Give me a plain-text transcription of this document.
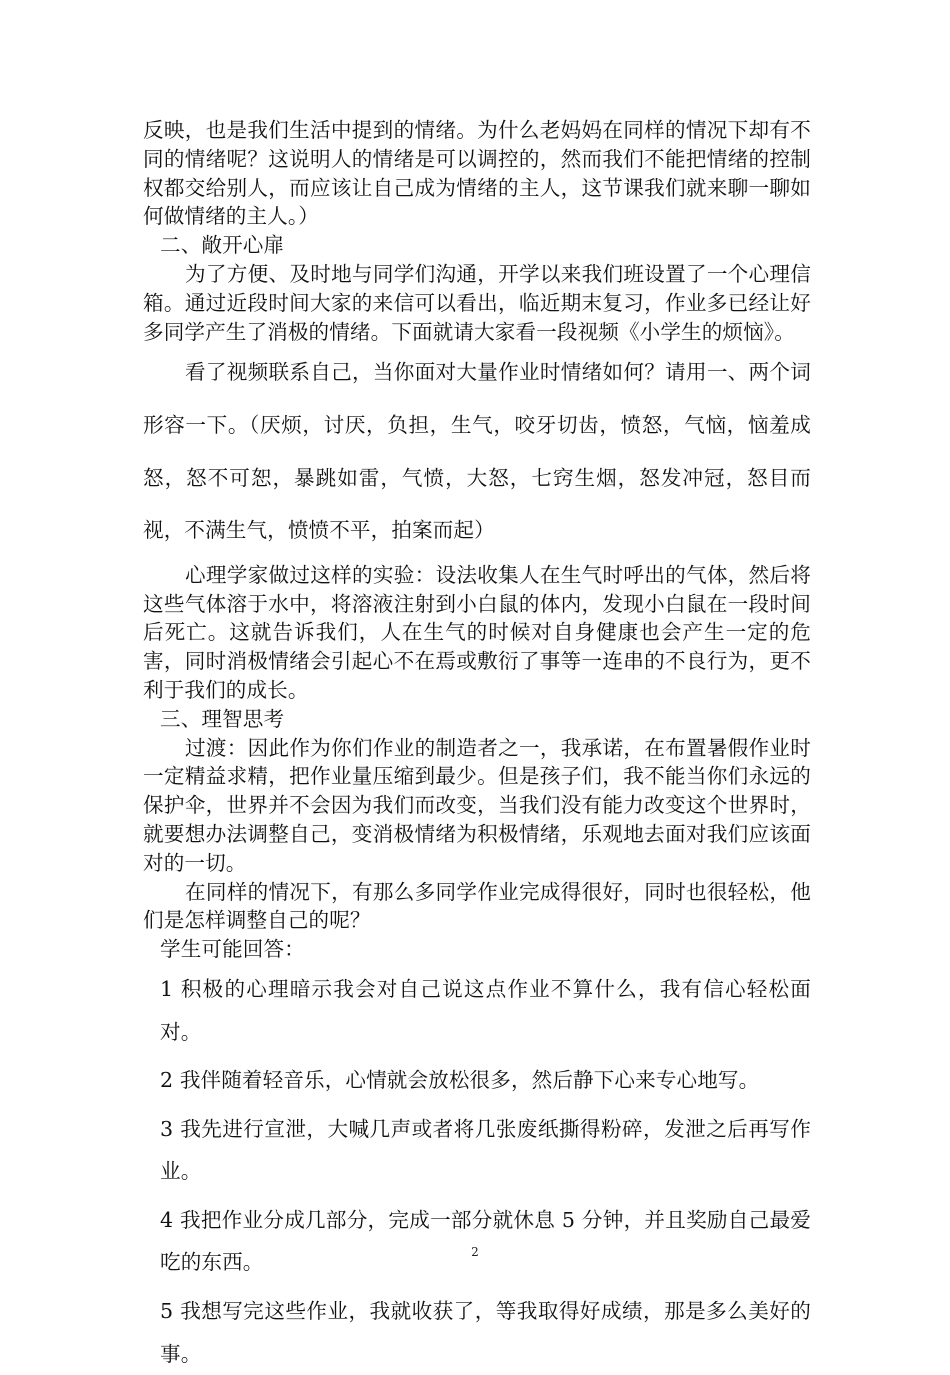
反映，也是我们生活中提到的情绪。为什么老妈妈在同样的情况下却有不同的情绪呢？这说明人的情绪是可以调控的，然而我们不能把情绪的控制权都交给别人，而应该让自己成为情绪的主人，这节课我们就来聊一聊如何做情绪的主人。）

二、敞开心扉

为了方便、及时地与同学们沟通，开学以来我们班设置了一个心理信箱。通过近段时间大家的来信可以看出，临近期末复习，作业多已经让好多同学产生了消极的情绪。下面就请大家看一段视频《小学生的烦恼》。

看了视频联系自己，当你面对大量作业时情绪如何？请用一、两个词形容一下。（厌烦，讨厌，负担，生气，咬牙切齿，愤怒，气恼，恼羞成怒，怒不可恕，暴跳如雷，气愤，大怒，七窍生烟，怒发冲冠，怒目而视，不满生气，愤愤不平，拍案而起）

心理学家做过这样的实验：设法收集人在生气时呼出的气体，然后将这些气体溶于水中，将溶液注射到小白鼠的体内，发现小白鼠在一段时间后死亡。这就告诉我们，人在生气的时候对自身健康也会产生一定的危害，同时消极情绪会引起心不在焉或敷衍了事等一连串的不良行为，更不利于我们的成长。

三、理智思考

过渡：因此作为你们作业的制造者之一，我承诺，在布置暑假作业时一定精益求精，把作业量压缩到最少。但是孩子们，我不能当你们永远的保护伞，世界并不会因为我们而改变，当我们没有能力改变这个世界时，就要想办法调整自己，变消极情绪为积极情绪，乐观地去面对我们应该面对的一切。

在同样的情况下，有那么多同学作业完成得很好，同时也很轻松，他们是怎样调整自己的呢？

学生可能回答：

1 积极的心理暗示我会对自己说这点作业不算什么，我有信心轻松面对。

2 我伴随着轻音乐，心情就会放松很多，然后静下心来专心地写。

3 我先进行宣泄，大喊几声或者将几张废纸撕得粉碎，发泄之后再写作业。

4 我把作业分成几部分，完成一部分就休息 5 分钟，并且奖励自己最爱吃的东西。

5 我想写完这些作业，我就收获了，等我取得好成绩，那是多么美好的事。

2
